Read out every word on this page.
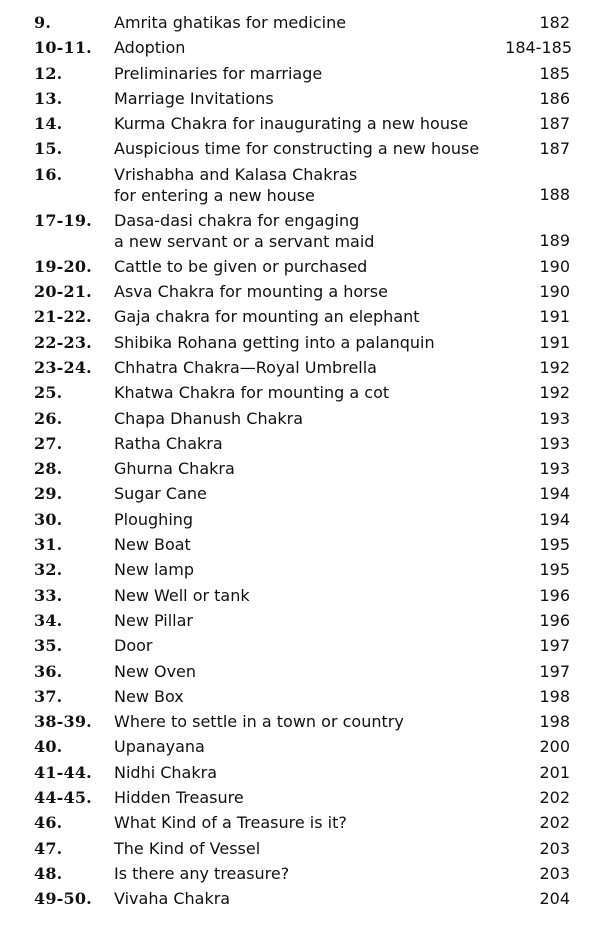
9.	Amrita ghatikas for medicine	182
10-11. Adoption	184-185
12.	Preliminaries for marriage	185
13.	Marriage Invitations	186
14.	Kurma Chakra for inaugurating a new house	187
15.	Auspicious time for constructing a new house	187
16.	Vrishabha and Kalasa Chakras
for entering a new house	188
17-19. Dasa-dasi chakra for engaging
a new servant or a servant maid	189
19-20. Cattle to be given or purchased	190
20-21. Asva Chakra for mounting a horse	190
21-22. Gaja chakra for mounting an elephant	191
22-23. Shibika Rohana getting into a palanquin	191
23-24. Chhatra Chakra—Royal Umbrella	192
25.	Khatwa Chakra for mounting a cot	192
26.	Chapa Dhanush Chakra	193
27.	Ratha Chakra	193
28.	Ghurna Chakra	193
29.	Sugar Cane	194
30.	Ploughing	194
31.	New Boat	195
32.	New lamp	195
33.	New Well or tank	196
34.	New Pillar	196
35.	Door	197
36.	New Oven	197
37.	New Box	198
38-39. Where to settle in a town or country	198
40.	Upanayana	200
41-44. Nidhi Chakra	201
44-45. Hidden Treasure	202
46.	What Kind of a Treasure is it?	202
47.	The Kind of Vessel	203
48.	Is there any treasure?	203
49-50. Vivaha Chakra	204
